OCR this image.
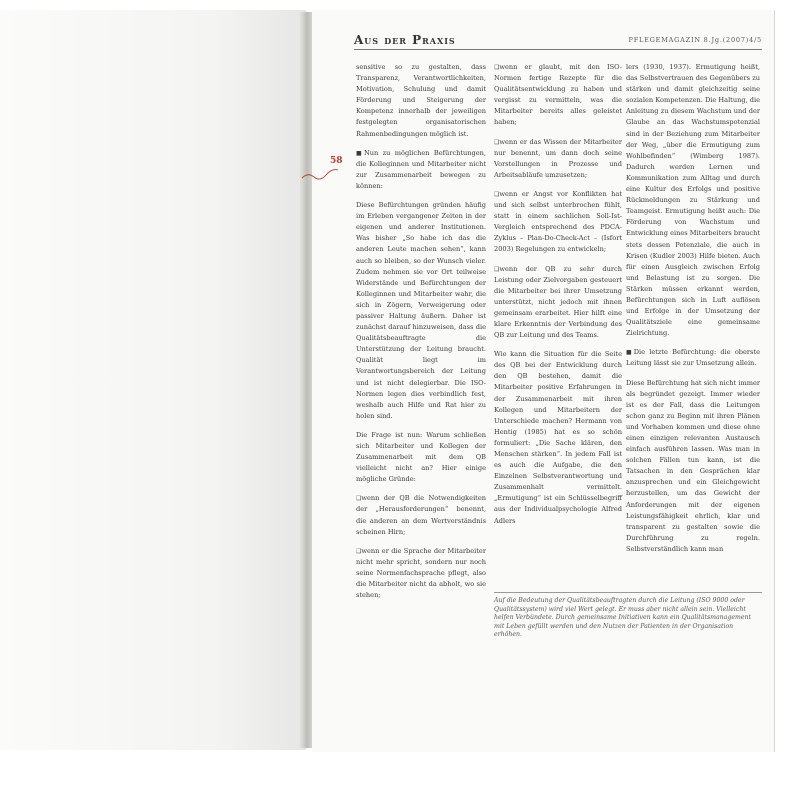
Aus der Praxis	PFLEGEMAGAZIN 8.Jg.(2007)4/5
58

sensitive so zu gestalten, dass Transparenz, Verantwortlichkeiten, Motivation, Schulung und damit Förderung und Steigerung der Kompetenz innerhalb der jeweiligen festgelegten organisatorischen Rahmenbedingungen möglich ist.

■ Nun zu möglichen Befürchtungen, die Kolleginnen und Mitarbeiter nicht zur Zusammenarbeit bewegen zu können:

Diese Befürchtungen gründen häufig im Erleben vergangener Zeiten in der eigenen und anderer Institutionen. Was bisher „So habe ich das die anderen Leute machen sehen“, kann auch so bleiben, so der Wunsch vieler. Zudem nehmen sie vor Ort teilweise Widerstände und Befürchtungen der Kolleginnen und Mitarbeiter wahr, die sich in Zögern, Verweigerung oder passiver Haltung äußern. Daher ist zunächst darauf hinzuweisen, dass die Qualitätsbeauftragte die Unterstützung der Leitung braucht. Qualität liegt im Verantwortungsbereich der Leitung und ist nicht delegierbar. Die ISO-Normen legen dies verbindlich fest, weshalb auch Hilfe und Rat hier zu holen sind.

Die Frage ist nun: Warum schließen sich Mitarbeiter und Kollegen der Zusammenarbeit mit dem QB vielleicht nicht an? Hier einige mögliche Gründe:

❑ wenn der QB die Notwendigkeiten der „Herausforderungen“ benennt, die anderen an dem Wertverständnis scheinen Hirn;

❑ wenn er die Sprache der Mitarbeiter nicht mehr spricht, sondern nur noch seine Normenfachsprache pflegt, also die Mitarbeiter nicht da abholt, wo sie stehen;

❑ wenn er glaubt, mit den ISO-Normen fertige Rezepte für die Qualitätsentwicklung zu haben und vergisst zu vermitteln, was die Mitarbeiter bereits alles geleistet haben;

❑ wenn er das Wissen der Mitarbeiter nur benennt, um dann doch seine Vorstellungen in Prozesse und Arbeitsabläufe umzusetzen;

❑ wenn er Angst vor Konflikten hat und sich selbst unterbrochen fühlt, statt in einem sachlichen Soll-Ist-Vergleich entsprechend des PDCA-Zyklus – Plan-Do-Check-Act – (Isfort 2003) Regelungen zu entwickeln;

❑ wenn der QB zu sehr durch Leistung oder Zielvorgaben gesteuert die Mitarbeiter bei ihrer Umsetzung unterstützt, nicht jedoch mit ihnen gemeinsam erarbeitet. Hier hilft eine klare Erkenntnis der Verbindung des QB zur Leitung und des Teams.

Wie kann die Situation für die Seite des QB bei der Entwicklung durch den QB bestehen, damit die Mitarbeiter positive Erfahrungen in der Zusammenarbeit mit ihren Kollegen und Mitarbeitern der Unterschiede machen? Hermann von Hentig (1985) hat es so schön formuliert: „Die Sache klären, den Menschen stärken“. In jedem Fall ist es auch die Aufgabe, die den Einzelnen Selbstverantwortung und Zusammenhalt vermittelt. „Ermutigung“ ist ein Schlüsselbegriff aus der Individualpsychologie Alfred Adlers

lers (1930, 1937). Ermutigung heißt, das Selbstvertrauen des Gegenübers zu stärken und damit gleichzeitig seine sozialen Kompetenzen. Die Haltung, die Anleitung zu diesem Wachstum und der Glaube an das Wachstumspotenzial sind in der Beziehung zum Mitarbeiter der Weg, „über die Ermutigung zum Wohlbefinden“ (Wimberg 1987). Dadurch werden Lernen und Kommunikation zum Alltag und durch eine Kultur des Erfolgs und positive Rückmeldungen zu Stärkung und Teamgeist. Ermutigung heißt auch: Die Förderung von Wachstum und Entwicklung eines Mitarbeiters braucht stets dessen Potenziale, die auch in Krisen (Kudler 2003) Hilfe bieten. Auch für einen Ausgleich zwischen Erfolg und Belastung ist zu sorgen. Die Stärken müssen erkannt werden, Befürchtungen sich in Luft auflösen und Erfolge in der Umsetzung der Qualitätsziele eine gemeinsame Zielrichtung.

■ Die letzte Befürchtung: die oberste Leitung lässt sie zur Umsetzung allein.

Diese Befürchtung hat sich nicht immer als begründet gezeigt. Immer wieder ist es der Fall, dass die Leitungen schon ganz zu Beginn mit ihren Plänen und Vorhaben kommen und diese ohne einen einzigen relevanten Austausch einfach ausführen lassen. Was man in solchen Fällen tun kann, ist die Tatsachen in den Gesprächen klar anzusprechen und ein Gleichgewicht herzustellen, um das Gewicht der Anforderungen mit der eigenen Leistungsfähigkeit ehrlich, klar und transparent zu gestalten sowie die Durchführung zu regeln. Selbstverständlich kann man

Auf die Bedeutung der Qualitätsbeauftragten durch die Leitung (ISO 9000 oder Qualitätssystem) wird viel Wert gelegt. Er muss aber nicht allein sein. Vielleicht helfen Verbündete. Durch gemeinsame Initiativen kann ein Qualitätsmanagement mit Leben gefüllt werden und den Nutzen der Patienten in der Organisation erhöhen.
